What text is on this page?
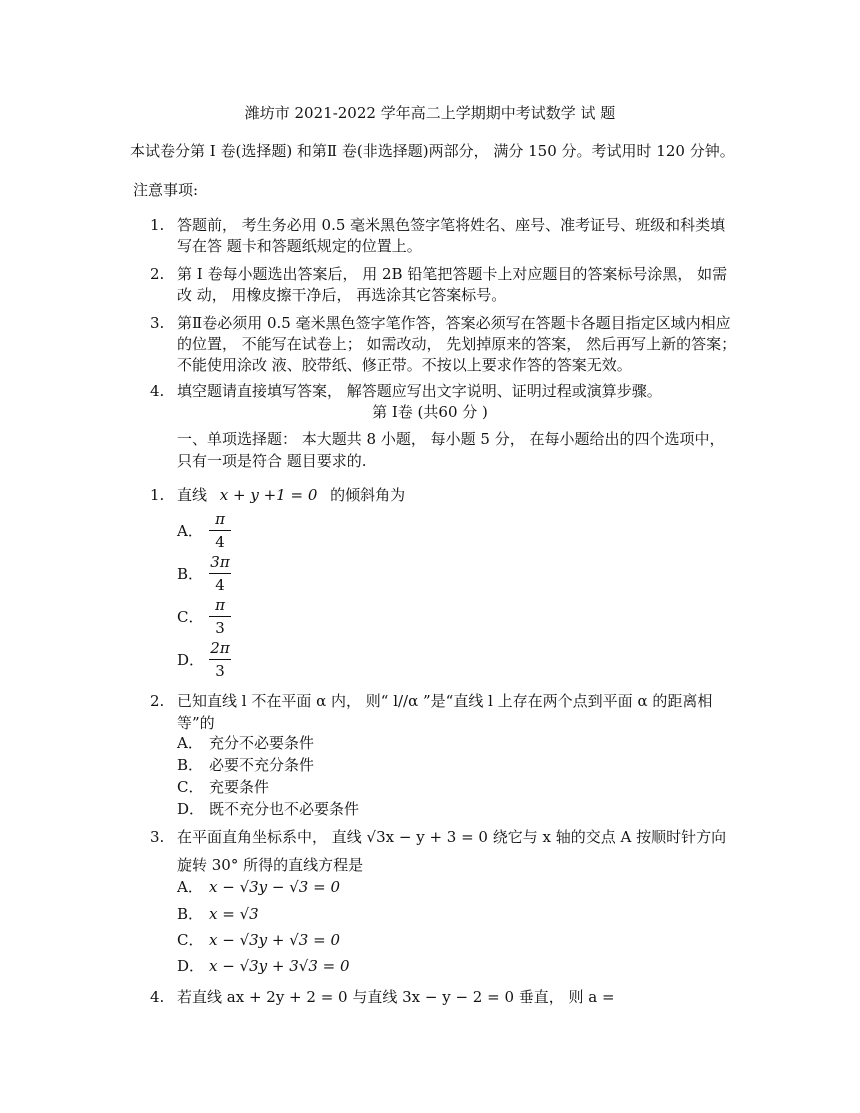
潍坊市 2021-2022 学年高二上学期期中考试数学 试 题
本试卷分第 Ⅰ 卷(选择题) 和第Ⅱ 卷(非选择题)两部分， 满分 150 分。考试用时 120 分钟。
注意事项:
1. 答题前， 考生务必用 0.5 毫米黑色签字笔将姓名、座号、准考证号、班级和科类填写在答 题卡和答题纸规定的位置上。
2. 第 Ⅰ 卷每小题选出答案后， 用 2B 铅笔把答题卡上对应题目的答案标号涂黑， 如需改 动， 用橡皮擦干净后， 再选涂其它答案标号。
3. 第Ⅱ卷必须用 0.5 毫米黑色签字笔作答，答案必须写在答题卡各题目指定区域内相应 的位置， 不能写在试卷上； 如需改动， 先划掉原来的答案， 然后再写上新的答案； 不能使用涂改 液、胶带纸、修正带。不按以上要求作答的答案无效。
4. 填空题请直接填写答案， 解答题应写出文字说明、证明过程或演算步骤。
第 Ⅰ卷 (共60 分 )
一、单项选择题： 本大题共 8 小题， 每小题 5 分， 在每小题给出的四个选项中，只有一项是符合 题目要求的.
1. 直线 x + y +1 = 0 的倾斜角为
A．
π
4
B．
3π
4
C．
π
3
D．
2π
3
2. 已知直线 l 不在平面 α 内， 则“ l//α ”是“直线 l 上存在两个点到平面 α 的距离相等”的
A． 充分不必要条件
B． 必要不充分条件
C． 充要条件
D． 既不充分也不必要条件
3. 在平面直角坐标系中， 直线 √3x − y + 3 = 0 绕它与 x 轴的交点 A 按顺时针方向
旋转 30° 所得的直线方程是
A． x − √3y − √3 = 0
B． x = √3
C． x − √3y + √3 = 0
D． x − √3y + 3√3 = 0
4. 若直线 ax + 2y + 2 = 0 与直线 3x − y − 2 = 0 垂直， 则 a =
